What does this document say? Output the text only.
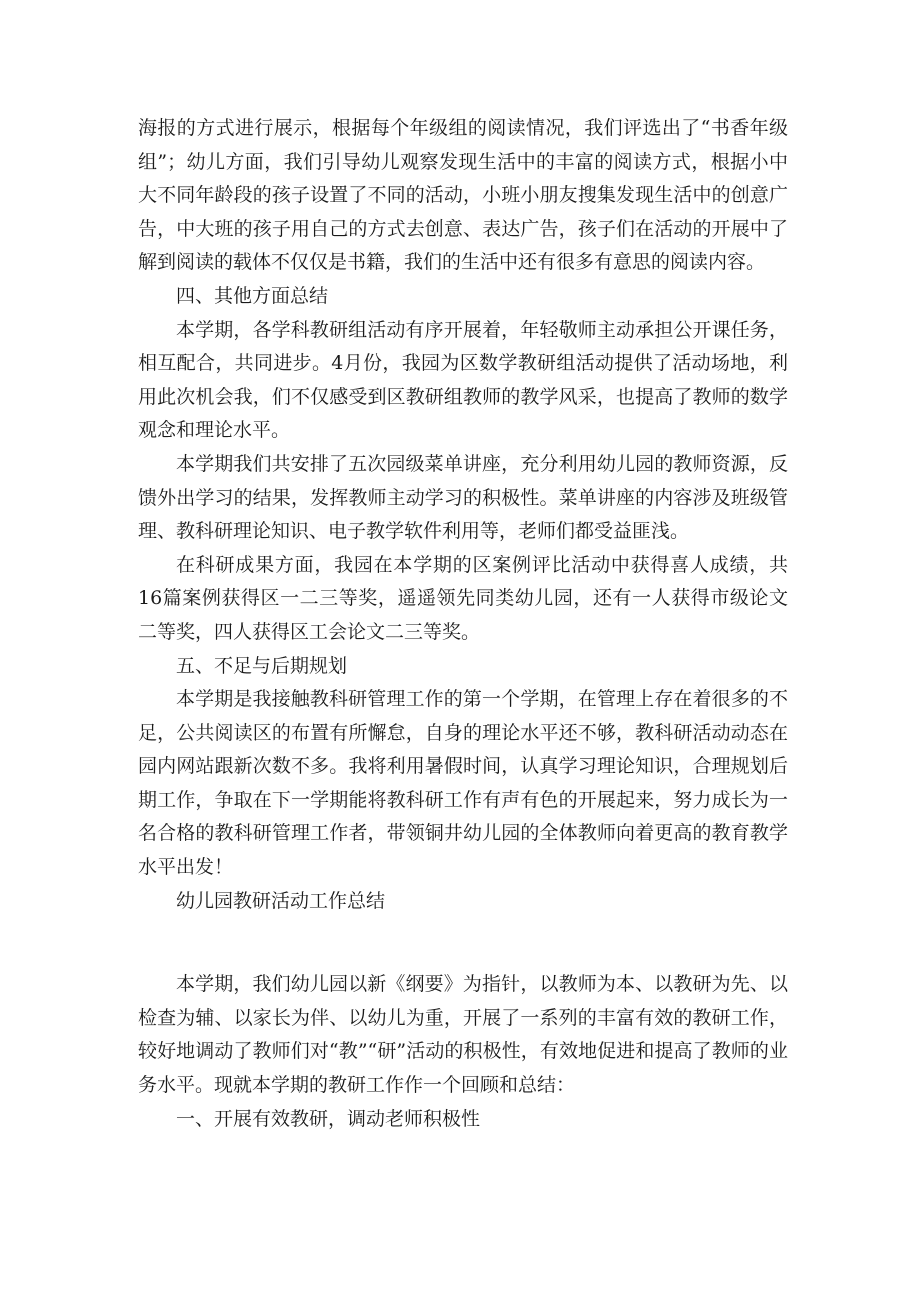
海报的方式进行展示，根据每个年级组的阅读情况，我们评选出了“书香年级组”；幼儿方面，我们引导幼儿观察发现生活中的丰富的阅读方式，根据小中大不同年龄段的孩子设置了不同的活动，小班小朋友搜集发现生活中的创意广告，中大班的孩子用自己的方式去创意、表达广告，孩子们在活动的开展中了解到阅读的载体不仅仅是书籍，我们的生活中还有很多有意思的阅读内容。

四、其他方面总结

本学期，各学科教研组活动有序开展着，年轻敬师主动承担公开课任务，相互配合，共同进步。4月份，我园为区数学教研组活动提供了活动场地，利用此次机会我，们不仅感受到区教研组教师的教学风采，也提高了教师的数学观念和理论水平。

本学期我们共安排了五次园级菜单讲座，充分利用幼儿园的教师资源，反馈外出学习的结果，发挥教师主动学习的积极性。菜单讲座的内容涉及班级管理、教科研理论知识、电子教学软件利用等，老师们都受益匪浅。

在科研成果方面，我园在本学期的区案例评比活动中获得喜人成绩，共16篇案例获得区一二三等奖，遥遥领先同类幼儿园，还有一人获得市级论文二等奖，四人获得区工会论文二三等奖。

五、不足与后期规划

本学期是我接触教科研管理工作的第一个学期，在管理上存在着很多的不足，公共阅读区的布置有所懈怠，自身的理论水平还不够，教科研活动动态在园内网站跟新次数不多。我将利用暑假时间，认真学习理论知识，合理规划后期工作，争取在下一学期能将教科研工作有声有色的开展起来，努力成长为一名合格的教科研管理工作者，带领铜井幼儿园的全体教师向着更高的教育教学水平出发！

幼儿园教研活动工作总结

本学期，我们幼儿园以新《纲要》为指针，以教师为本、以教研为先、以检查为辅、以家长为伴、以幼儿为重，开展了一系列的丰富有效的教研工作，较好地调动了教师们对“教”“研”活动的积极性，有效地促进和提高了教师的业务水平。现就本学期的教研工作作一个回顾和总结：

一、开展有效教研，调动老师积极性
